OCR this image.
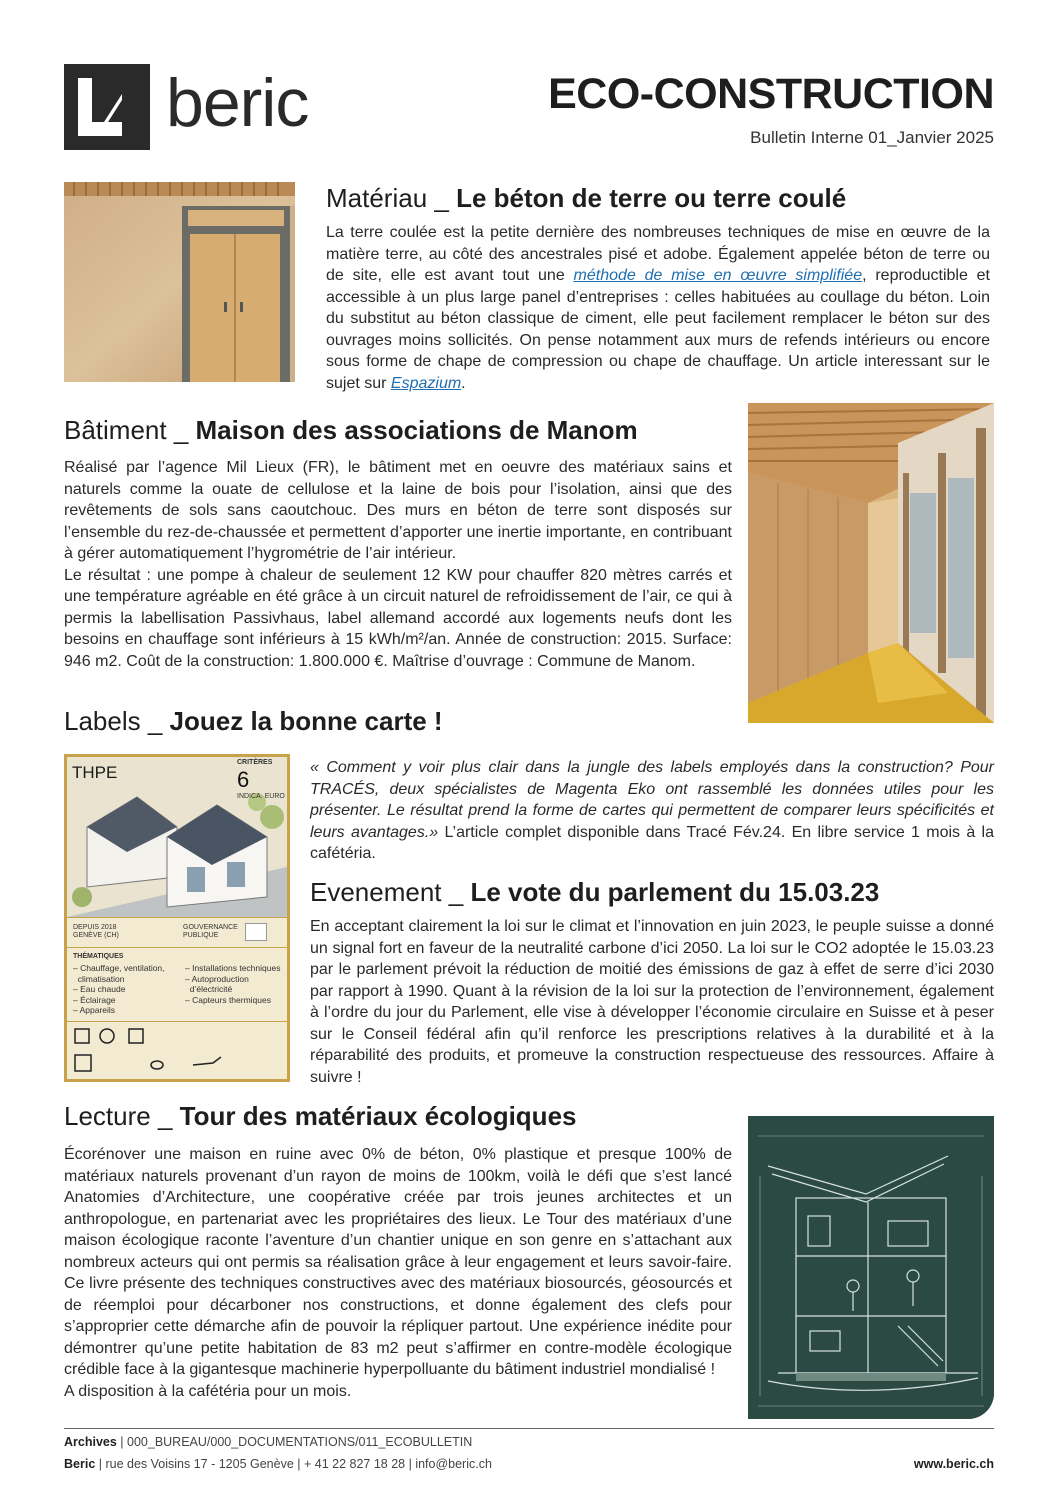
beric	ECO-CONSTRUCTION
Bulletin Interne 01_Janvier 2025
Matériau _ Le béton de terre ou terre coulé

La terre coulée est la petite dernière des nombreuses techniques de mise en œuvre de la matière terre, au côté des ancestrales pisé et adobe. Également appelée béton de terre ou de site, elle est avant tout une méthode de mise en œuvre simplifiée, reproductible et accessible à un plus large panel d’entreprises : celles habituées au coullage du béton. Loin du substitut au béton classique de ciment, elle peut facilement remplacer le béton sur des ouvrages moins sollicités. On pense notamment aux murs de refends intérieurs ou encore sous forme de chape de compression ou chape de chauffage. Un article interessant sur le sujet sur Espazium.

Bâtiment _ Maison des associations de Manom

Réalisé par l’agence Mil Lieux (FR), le bâtiment met en oeuvre des matériaux sains et naturels comme la ouate de cellulose et la laine de bois pour l’isolation, ainsi que des revêtements de sols sans caoutchouc. Des murs en béton de terre sont disposés sur l’ensemble du rez-de-chaussée et permettent d’apporter une inertie importante, en contribuant à gérer automatiquement l’hygrométrie de l’air intérieur.
Le résultat : une pompe à chaleur de seulement 12 KW pour chauffer 820 mètres carrés et une température agréable en été grâce à un circuit naturel de refroidissement de l’air, ce qui à permis la labellisation Passivhaus, label allemand accordé aux logements neufs dont les besoins en chauffage sont inférieurs à 15 kWh/m²/an. Année de construction: 2015. Surface: 946 m2. Coût de la construction: 1.800.000 €. Maîtrise d’ouvrage : Commune de Manom.

Labels _ Jouez la bonne carte !
THPE
CRITÈRES
6
INDICA. EURO
DEPUIS 2018
GENÈVE (CH)
GOUVERNANCE
PUBLIQUE
THÉMATIQUES
– Chauffage, ventilation,
climatisation
– Eau chaude
– Éclairage
– Appareils
– Installations techniques
– Autoproduction
d’électricité
– Capteurs thermiques

« Comment y voir plus clair dans la jungle des labels employés dans la construction? Pour TRACÉS, deux spécialistes de Magenta Eko ont rassemblé les données utiles pour les présenter. Le résultat prend la forme de cartes qui permettent de comparer leurs spécificités et leurs avantages.» L’article complet disponible dans Tracé Fév.24. En libre service 1 mois à la cafétéria.

Evenement _ Le vote du parlement du 15.03.23

En acceptant clairement la loi sur le climat et l’innovation en juin 2023, le peuple suisse a donné un signal fort en faveur de la neutralité carbone d’ici 2050. La loi sur le CO2 adoptée le 15.03.23 par le parlement prévoit la réduction de moitié des émissions de gaz à effet de serre d’ici 2030 par rapport à 1990. Quant à la révision de la loi sur la protection de l’environnement, également à l’ordre du jour du Parlement, elle vise à développer l’économie circulaire en Suisse et à peser sur le Conseil fédéral afin qu’il renforce les prescriptions relatives à la durabilité et à la réparabilité des produits, et promeuve la construction respectueuse des ressources. Affaire à suivre !

Lecture _ Tour des matériaux écologiques

Écorénover une maison en ruine avec 0% de béton, 0% plastique et presque 100% de matériaux naturels provenant d’un rayon de moins de 100km, voilà le défi que s’est lancé Anatomies d’Architecture, une coopérative créée par trois jeunes architectes et un anthropologue, en partenariat avec les propriétaires des lieux. Le Tour des matériaux d’une maison écologique raconte l’aventure d’un chantier unique en son genre en s’attachant aux nombreux acteurs qui ont permis sa réalisation grâce à leur engagement et leurs savoir-faire. Ce livre présente des techniques constructives avec des matériaux biosourcés, géosourcés et de réemploi pour décarboner nos constructions, et donne également des clefs pour s’approprier cette démarche afin de pouvoir la répliquer partout. Une expérience inédite pour démontrer qu’une petite habitation de 83 m2 peut s’affirmer en contre-modèle écologique crédible face à la gigantesque machinerie hyperpolluante du bâtiment industriel mondialisé !
A disposition à la cafétéria pour un mois.

Archives | 000_BUREAU/000_DOCUMENTATIONS/011_ECOBULLETIN
Beric | rue des Voisins 17 - 1205 Genève | + 41 22 827 18 28 | info@beric.ch	www.beric.ch
